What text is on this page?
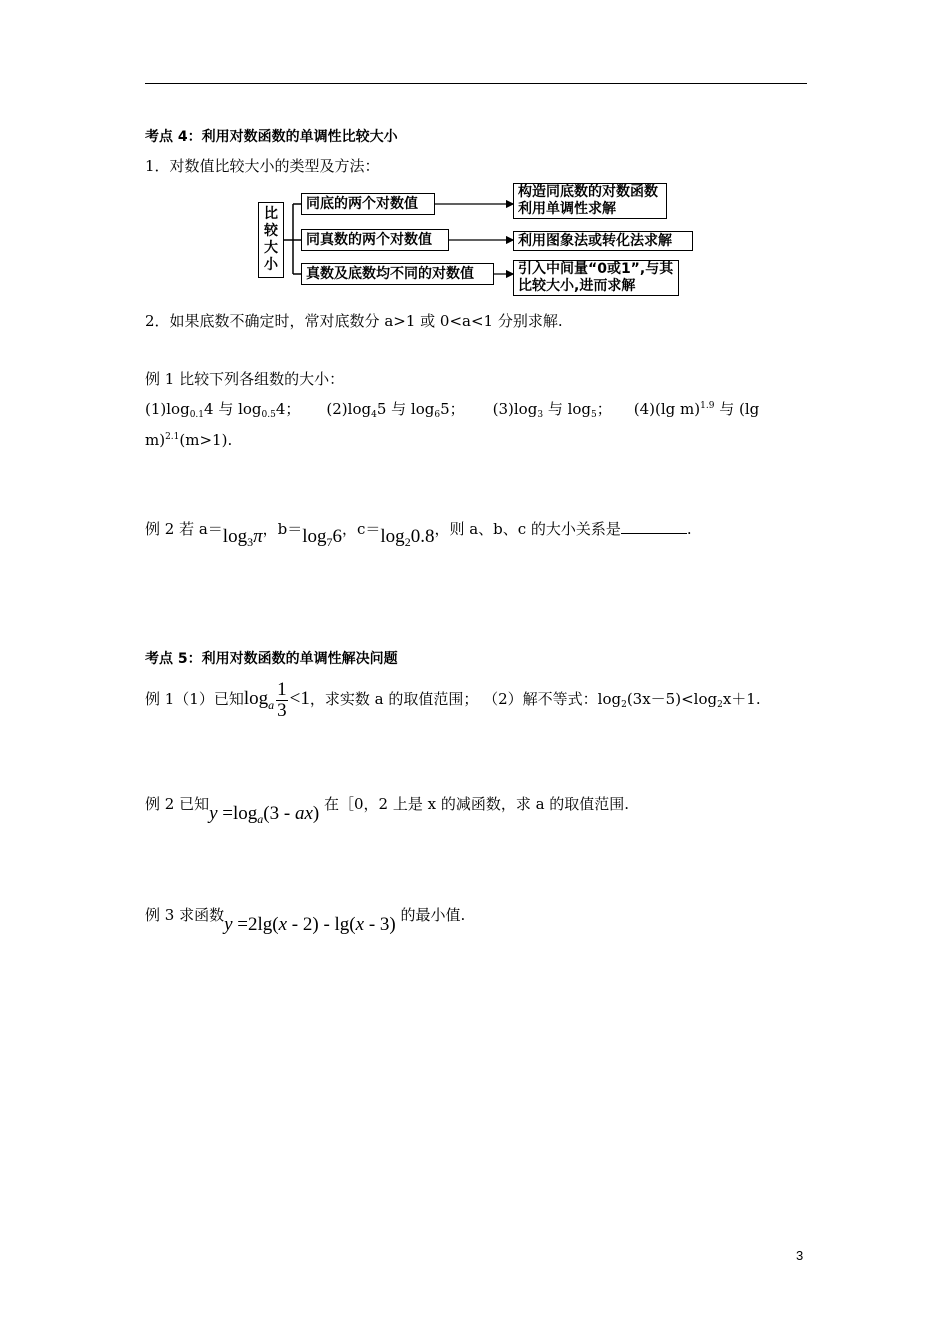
考点 4：利用对数函数的单调性比较大小
1．对数值比较大小的类型及方法：
比
较
大
小
同底的两个对数值
同真数的两个对数值
真数及底数均不同的对数值
构造同底数的对数函数
利用单调性求解
利用图象法或转化法求解
引入中间量“0或1”,与其
比较大小,进而求解
2．如果底数不确定时，常对底数分 a>1 或 0<a<1 分别求解.
例 1 比较下列各组数的大小：
$(1)\log_{0.1}4$ 与 $\log_{0.5}4$； $(2)\log_45$ 与 $\log_65$； $(3)\log_3$ 与 $\log_5$； (4)(lg m)$^{1.9}$ 与 (lg
m)$^{2.1}$(m>1).
例 2 若 $a=\log_3\pi$，$b=\log_76$，$c=\log_20.8$，则 a、b、c 的大小关系是	.
考点 5：利用对数函数的单调性解决问题
例 1（1）已知$\log_a \frac{1}{3} <1$，求实数 a 的取值范围； （2）解不等式：$\log_2(3x-5)<\log_2x+1$.
例 2 已知$y =\log_a(3 - ax)$ 在［0，2 上是 x 的减函数，求 a 的取值范围.
例 3 求函数y =2lg(x - 2) - lg(x - 3) 的最小值.
3
